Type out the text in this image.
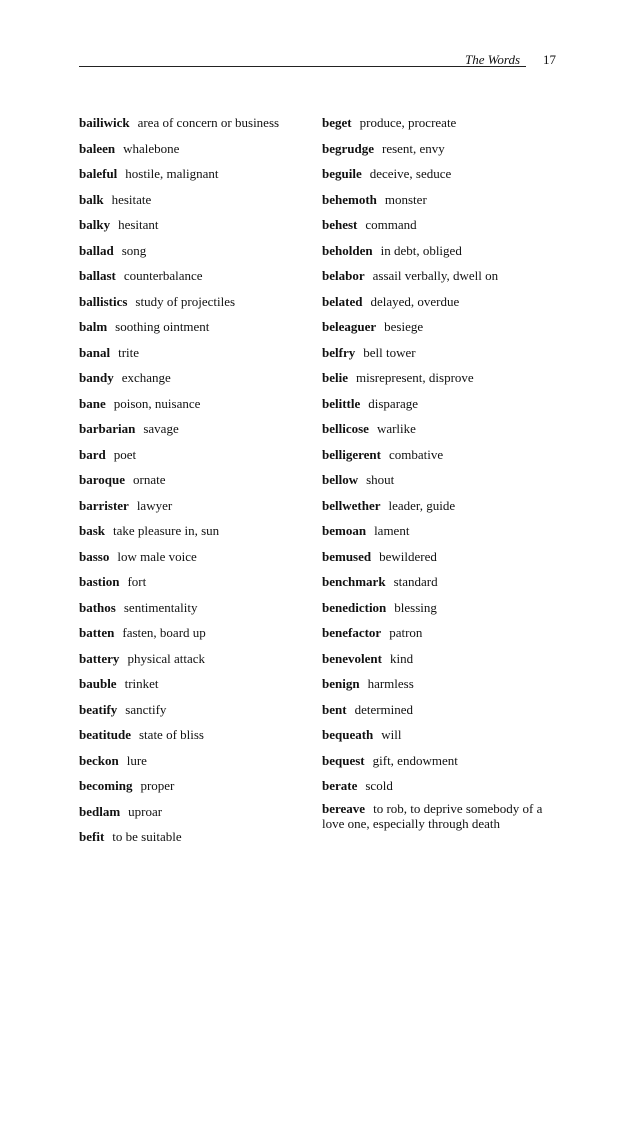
The Words 17
bailiwick area of concern or business
baleen whalebone
baleful hostile, malignant
balk hesitate
balky hesitant
ballad song
ballast counterbalance
ballistics study of projectiles
balm soothing ointment
banal trite
bandy exchange
bane poison, nuisance
barbarian savage
bard poet
baroque ornate
barrister lawyer
bask take pleasure in, sun
basso low male voice
bastion fort
bathos sentimentality
batten fasten, board up
battery physical attack
bauble trinket
beatify sanctify
beatitude state of bliss
beckon lure
becoming proper
bedlam uproar
befit to be suitable
beget produce, procreate
begrudge resent, envy
beguile deceive, seduce
behemoth monster
behest command
beholden in debt, obliged
belabor assail verbally, dwell on
belated delayed, overdue
beleaguer besiege
belfry bell tower
belie misrepresent, disprove
belittle disparage
bellicose warlike
belligerent combative
bellow shout
bellwether leader, guide
bemoan lament
bemused bewildered
benchmark standard
benediction blessing
benefactor patron
benevolent kind
benign harmless
bent determined
bequeath will
bequest gift, endowment
berate scold
bereave to rob, to deprive somebody of a love one, especially through death
